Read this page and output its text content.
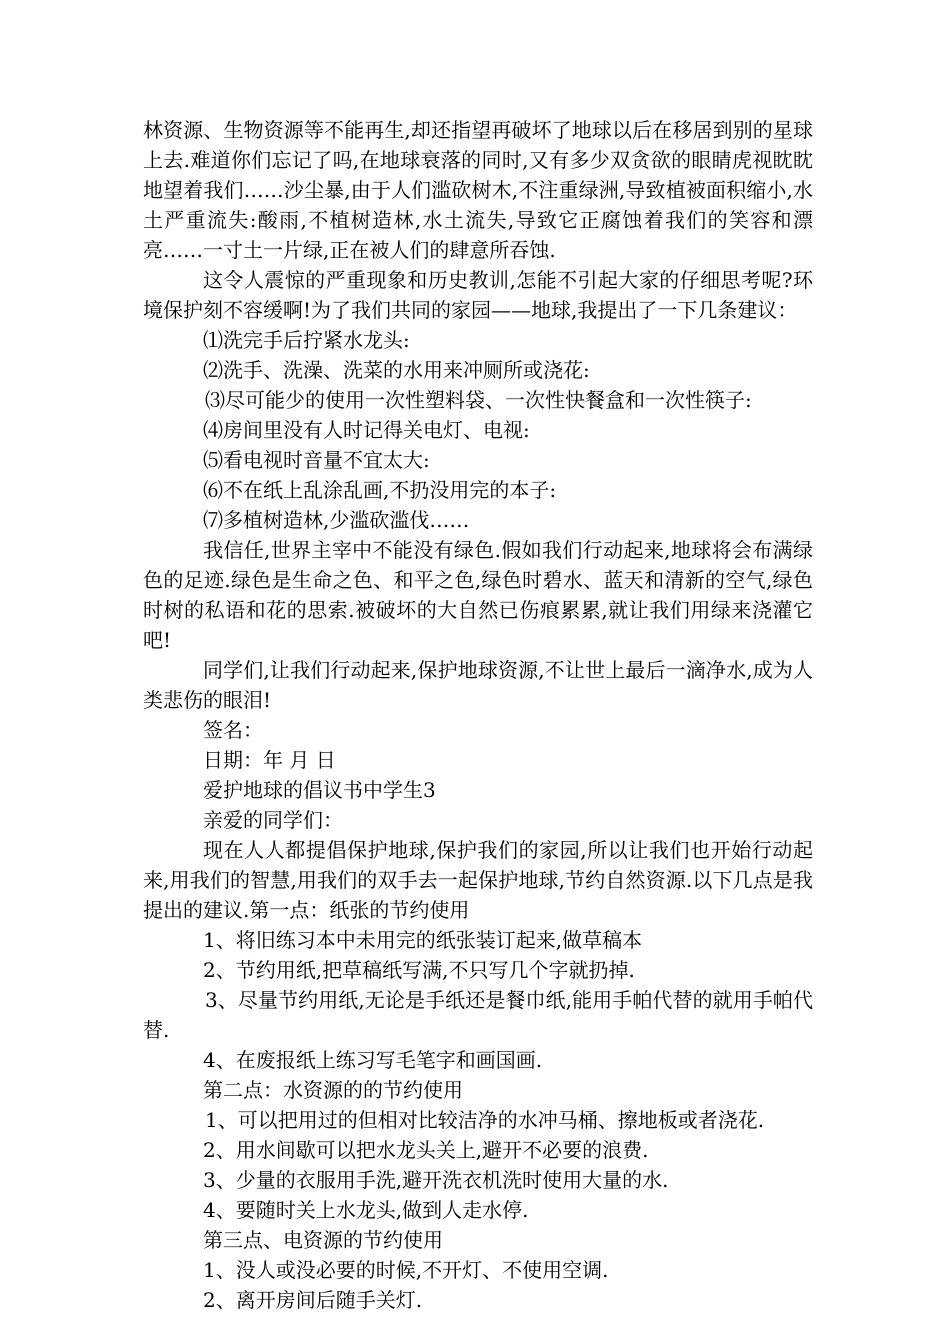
林资源、生物资源等不能再生,却还指望再破坏了地球以后在移居到别的星球上去.难道你们忘记了吗,在地球衰落的同时,又有多少双贪欲的眼睛虎视眈眈地望着我们……沙尘暴,由于人们滥砍树木,不注重绿洲,导致植被面积缩小,水土严重流失:酸雨,不植树造林,水土流失,导致它正腐蚀着我们的笑容和漂亮……一寸土一片绿,正在被人们的肆意所吞蚀.

这令人震惊的严重现象和历史教训,怎能不引起大家的仔细思考呢?环境保护刻不容缓啊!为了我们共同的家园——地球,我提出了一下几条建议：

⑴洗完手后拧紧水龙头:

⑵洗手、洗澡、洗菜的水用来冲厕所或浇花:

⑶尽可能少的使用一次性塑料袋、一次性快餐盒和一次性筷子:

⑷房间里没有人时记得关电灯、电视:

⑸看电视时音量不宜太大:

⑹不在纸上乱涂乱画,不扔没用完的本子:

⑺多植树造林,少滥砍滥伐……

我信任,世界主宰中不能没有绿色.假如我们行动起来,地球将会布满绿色的足迹.绿色是生命之色、和平之色,绿色时碧水、蓝天和清新的空气,绿色时树的私语和花的思索.被破坏的大自然已伤痕累累,就让我们用绿来浇灌它吧!

同学们,让我们行动起来,保护地球资源,不让世上最后一滴净水,成为人类悲伤的眼泪!

签名：

日期：年 月 日

爱护地球的倡议书中学生3

亲爱的同学们：

现在人人都提倡保护地球,保护我们的家园,所以让我们也开始行动起来,用我们的智慧,用我们的双手去一起保护地球,节约自然资源.以下几点是我提出的建议.第一点：纸张的节约使用

1、将旧练习本中未用完的纸张装订起来,做草稿本

2、节约用纸,把草稿纸写满,不只写几个字就扔掉.

3、尽量节约用纸,无论是手纸还是餐巾纸,能用手帕代替的就用手帕代替.

4、在废报纸上练习写毛笔字和画国画.

第二点：水资源的的节约使用

1、可以把用过的但相对比较洁净的水冲马桶、擦地板或者浇花.

2、用水间歇可以把水龙头关上,避开不必要的浪费.

3、少量的衣服用手洗,避开洗衣机洗时使用大量的水.

4、要随时关上水龙头,做到人走水停.

第三点、电资源的节约使用

1、没人或没必要的时候,不开灯、不使用空调.

2、离开房间后随手关灯.
